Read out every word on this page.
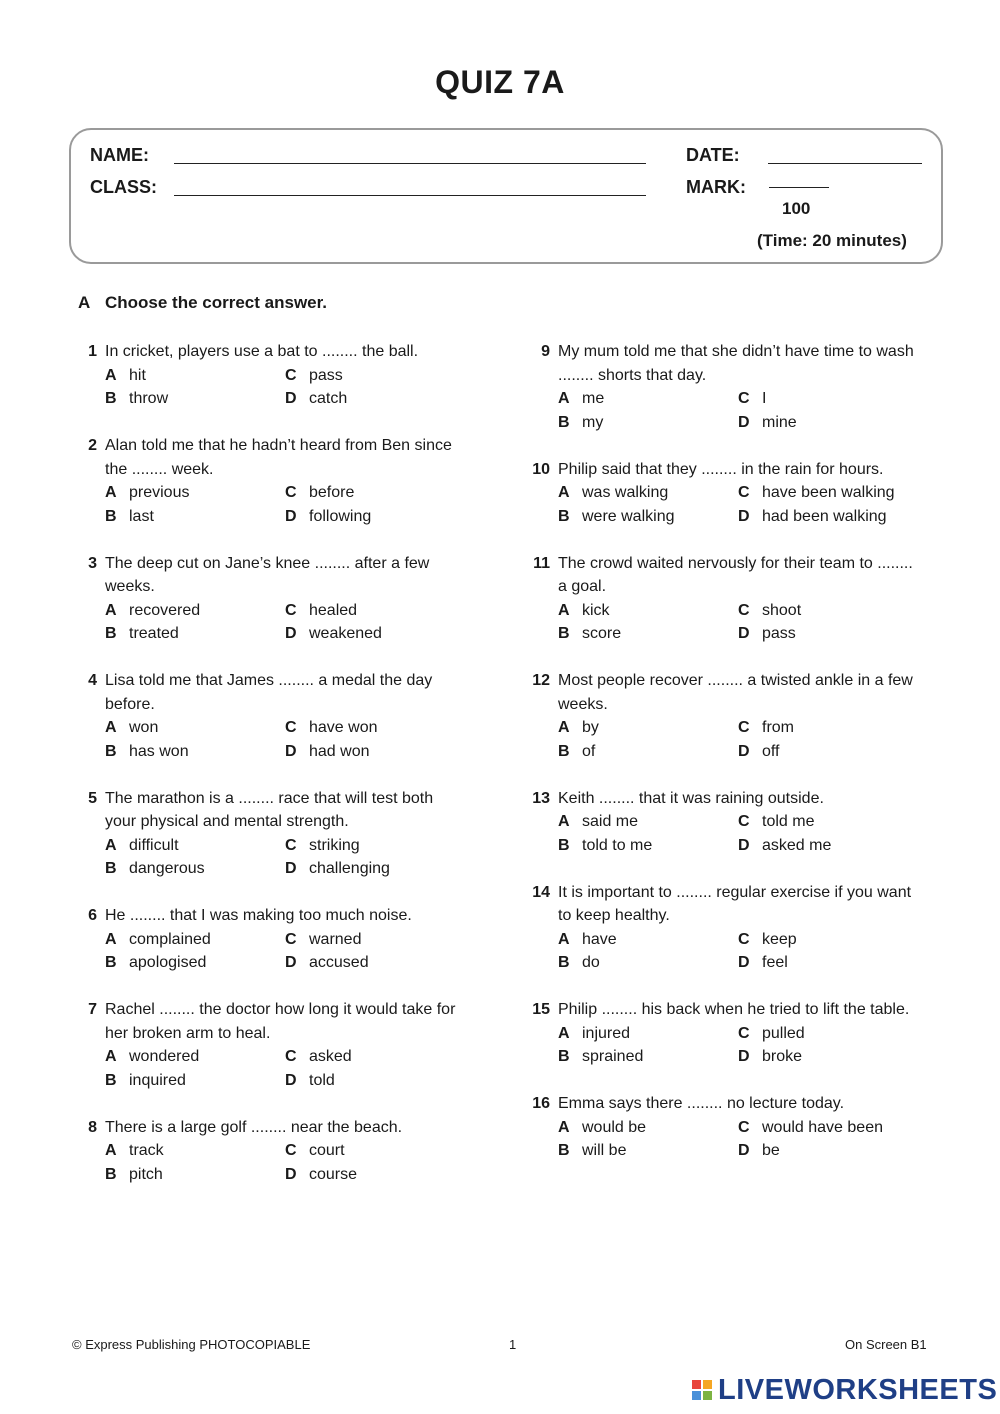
QUIZ 7A
NAME:
CLASS:
DATE:
MARK:
100
(Time: 20 minutes)
A Choose the correct answer.
1 In cricket, players use a bat to ........ the ball.
A hit	C pass
B throw	D catch
2 Alan told me that he hadn’t heard from Ben since the ........ week.
A previous	C before
B last	D following
3 The deep cut on Jane’s knee ........ after a few weeks.
A recovered	C healed
B treated	D weakened
4 Lisa told me that James ........ a medal the day before.
A won	C have won
B has won	D had won
5 The marathon is a ........ race that will test both your physical and mental strength.
A difficult	C striking
B dangerous	D challenging
6 He ........ that I was making too much noise.
A complained	C warned
B apologised	D accused
7 Rachel ........ the doctor how long it would take for her broken arm to heal.
A wondered	C asked
B inquired	D told
8 There is a large golf ........ near the beach.
A track	C court
B pitch	D course
9 My mum told me that she didn’t have time to wash ........ shorts that day.
A me	C I
B my	D mine
10 Philip said that they ........ in the rain for hours.
A was walking	C have been walking
B were walking	D had been walking
11 The crowd waited nervously for their team to ........ a goal.
A kick	C shoot
B score	D pass
12 Most people recover ........ a twisted ankle in a few weeks.
A by	C from
B of	D off
13 Keith ........ that it was raining outside.
A said me	C told me
B told to me	D asked me
14 It is important to ........ regular exercise if you want to keep healthy.
A have	C keep
B do	D feel
15 Philip ........ his back when he tried to lift the table.
A injured	C pulled
B sprained	D broke
16 Emma says there ........ no lecture today.
A would be	C would have been
B will be	D be
© Express Publishing PHOTOCOPIABLE	1	On Screen B1
LIVEWORKSHEETS
